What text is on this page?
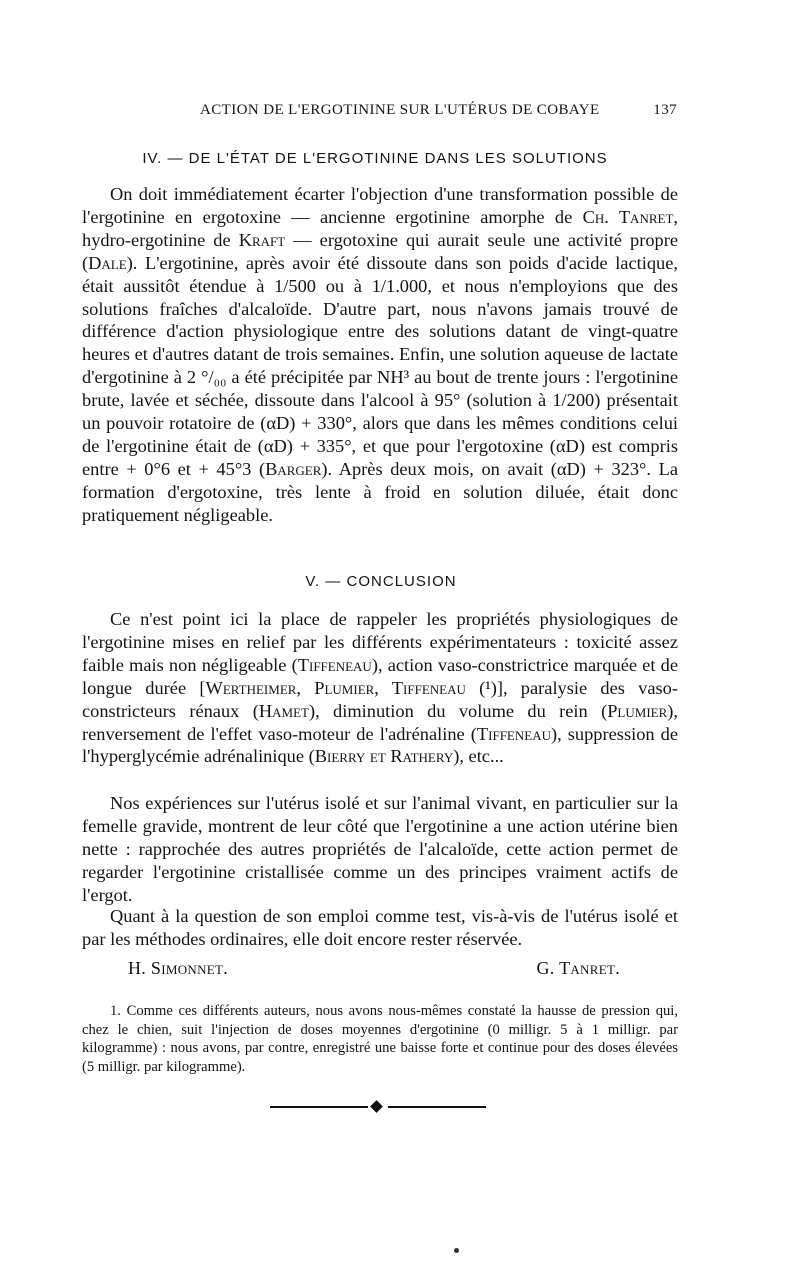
ACTION DE L'ERGOTININE SUR L'UTÉRUS DE COBAYE	137
IV. — DE L'ÉTAT DE L'ERGOTININE DANS LES SOLUTIONS

On doit immédiatement écarter l'objection d'une transformation possible de l'ergotinine en ergotoxine — ancienne ergotinine amorphe de Ch. Tanret, hydro-ergotinine de Kraft — ergotoxine qui aurait seule une activité propre (Dale). L'ergotinine, après avoir été dissoute dans son poids d'acide lactique, était aussitôt étendue à 1/500 ou à 1/1.000, et nous n'employions que des solutions fraîches d'alcaloïde. D'autre part, nous n'avons jamais trouvé de différence d'action physiologique entre des solutions datant de vingt-quatre heures et d'autres datant de trois semaines. Enfin, une solution aqueuse de lactate d'ergotinine à 2 °/₀₀ a été précipitée par NH³ au bout de trente jours : l'ergotinine brute, lavée et séchée, dissoute dans l'alcool à 95° (solution à 1/200) présentait un pouvoir rotatoire de (αD) + 330°, alors que dans les mêmes conditions celui de l'ergotinine était de (αD) + 335°, et que pour l'ergotoxine (αD) est compris entre + 0°6 et + 45°3 (Barger). Après deux mois, on avait (αD) + 323°. La formation d'ergotoxine, très lente à froid en solution diluée, était donc pratiquement négligeable.

V. — CONCLUSION

Ce n'est point ici la place de rappeler les propriétés physiologiques de l'ergotinine mises en relief par les différents expérimentateurs : toxicité assez faible mais non négligeable (Tiffeneau), action vaso-constrictrice marquée et de longue durée [Wertheimer, Plumier, Tiffeneau (¹)], paralysie des vaso-constricteurs rénaux (Hamet), diminution du volume du rein (Plumier), renversement de l'effet vaso-moteur de l'adrénaline (Tiffeneau), suppression de l'hyperglycémie adrénalinique (Bierry et Rathery), etc...

Nos expériences sur l'utérus isolé et sur l'animal vivant, en particulier sur la femelle gravide, montrent de leur côté que l'ergotinine a une action utérine bien nette : rapprochée des autres propriétés de l'alcaloïde, cette action permet de regarder l'ergotinine cristallisée comme un des principes vraiment actifs de l'ergot.

Quant à la question de son emploi comme test, vis-à-vis de l'utérus isolé et par les méthodes ordinaires, elle doit encore rester réservée.

H. Simonnet.	G. Tanret.

1. Comme ces différents auteurs, nous avons nous-mêmes constaté la hausse de pression qui, chez le chien, suit l'injection de doses moyennes d'ergotinine (0 milligr. 5 à 1 milligr. par kilogramme) : nous avons, par contre, enregistré une baisse forte et continue pour des doses élevées (5 milligr. par kilogramme).
